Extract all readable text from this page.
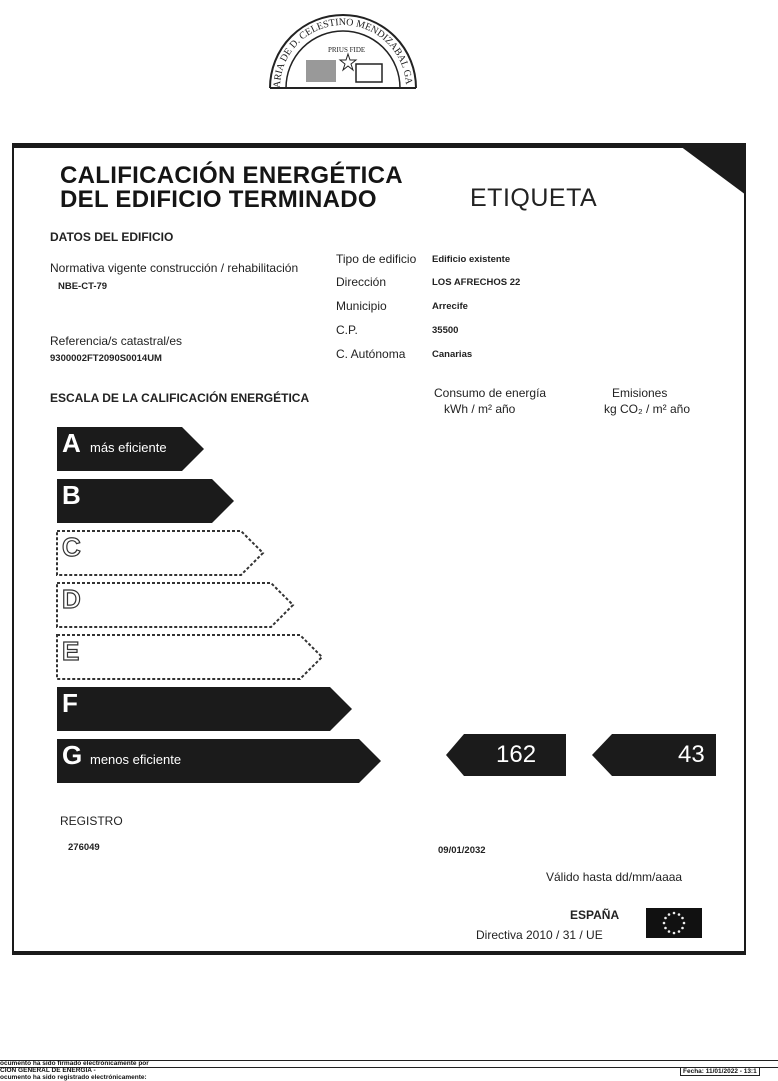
ARIA DE D. CELESTINO MENDIZABAL GA
PRIUS FIDE
CALIFICACIÓN ENERGÉTICA
DEL EDIFICIO TERMINADO	ETIQUETA
DATOS DEL EDIFICIO
Normativa vigente construcción / rehabilitación
NBE-CT-79
Referencia/s catastral/es
9300002FT2090S0014UM
Tipo de edificio Edificio existente
Dirección	LOS AFRECHOS 22
Municipio	Arrecife
C.P.	35500
C. Autónoma	Canarias
ESCALA DE LA CALIFICACIÓN ENERGÉTICA	Consumo de energía
kWh / m² año
Emisiones
kg CO₂ / m² año
A más eficiente
B
C
D
E
F
G menos eficiente	162	43
REGISTRO
276049	09/01/2032
Válido hasta dd/mm/aaaa
ESPAÑA
Directiva 2010 / 31 / UE
ocumento ha sido firmado electrónicamente por
CION GENERAL DE ENERGIA -
ocumento ha sido registrado electrónicamente:
Fecha: 11/01/2022 - 13:1
